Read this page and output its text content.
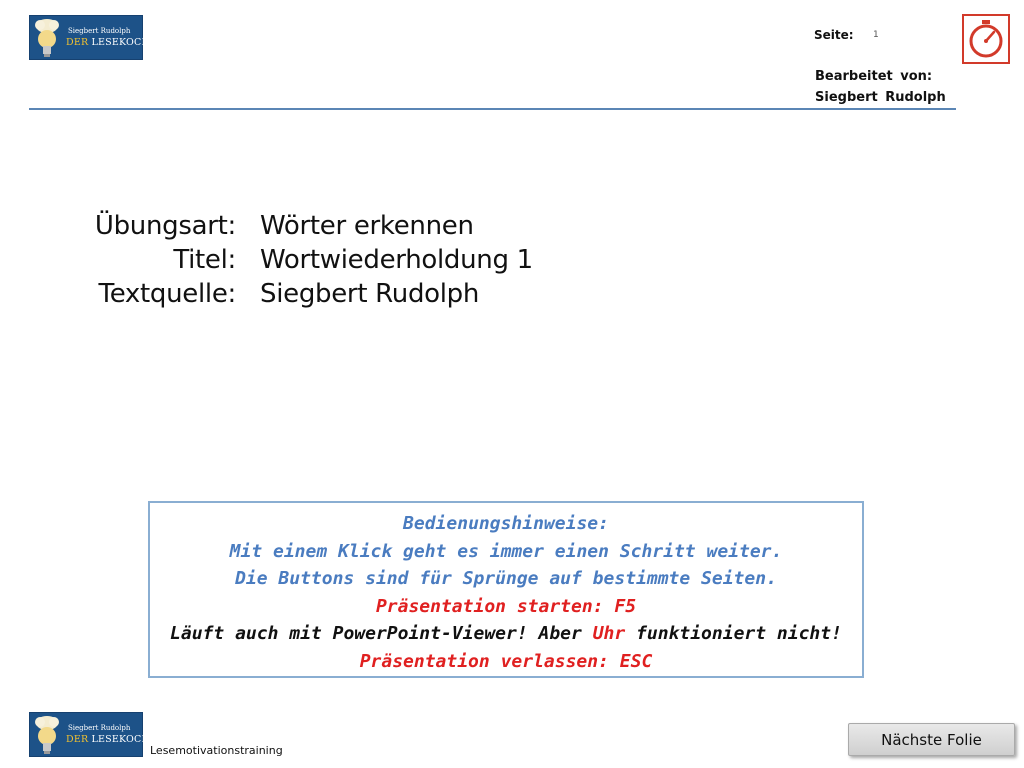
Siegbert Rudolph
DER LESEKOCH
Seite: 1
Bearbeitet von:
Siegbert Rudolph
Übungsart: Wörter erkennen
Titel: Wortwiederholdung 1
Textquelle: Siegbert Rudolph
Bedienungshinweise:
Mit einem Klick geht es immer einen Schritt weiter.
Die Buttons sind für Sprünge auf bestimmte Seiten.
Präsentation starten: F5
Läuft auch mit PowerPoint-Viewer! Aber Uhr funktioniert nicht!
Präsentation verlassen: ESC
Siegbert Rudolph
DER LESEKOCH
Lesemotivationstraining
Nächste Folie
